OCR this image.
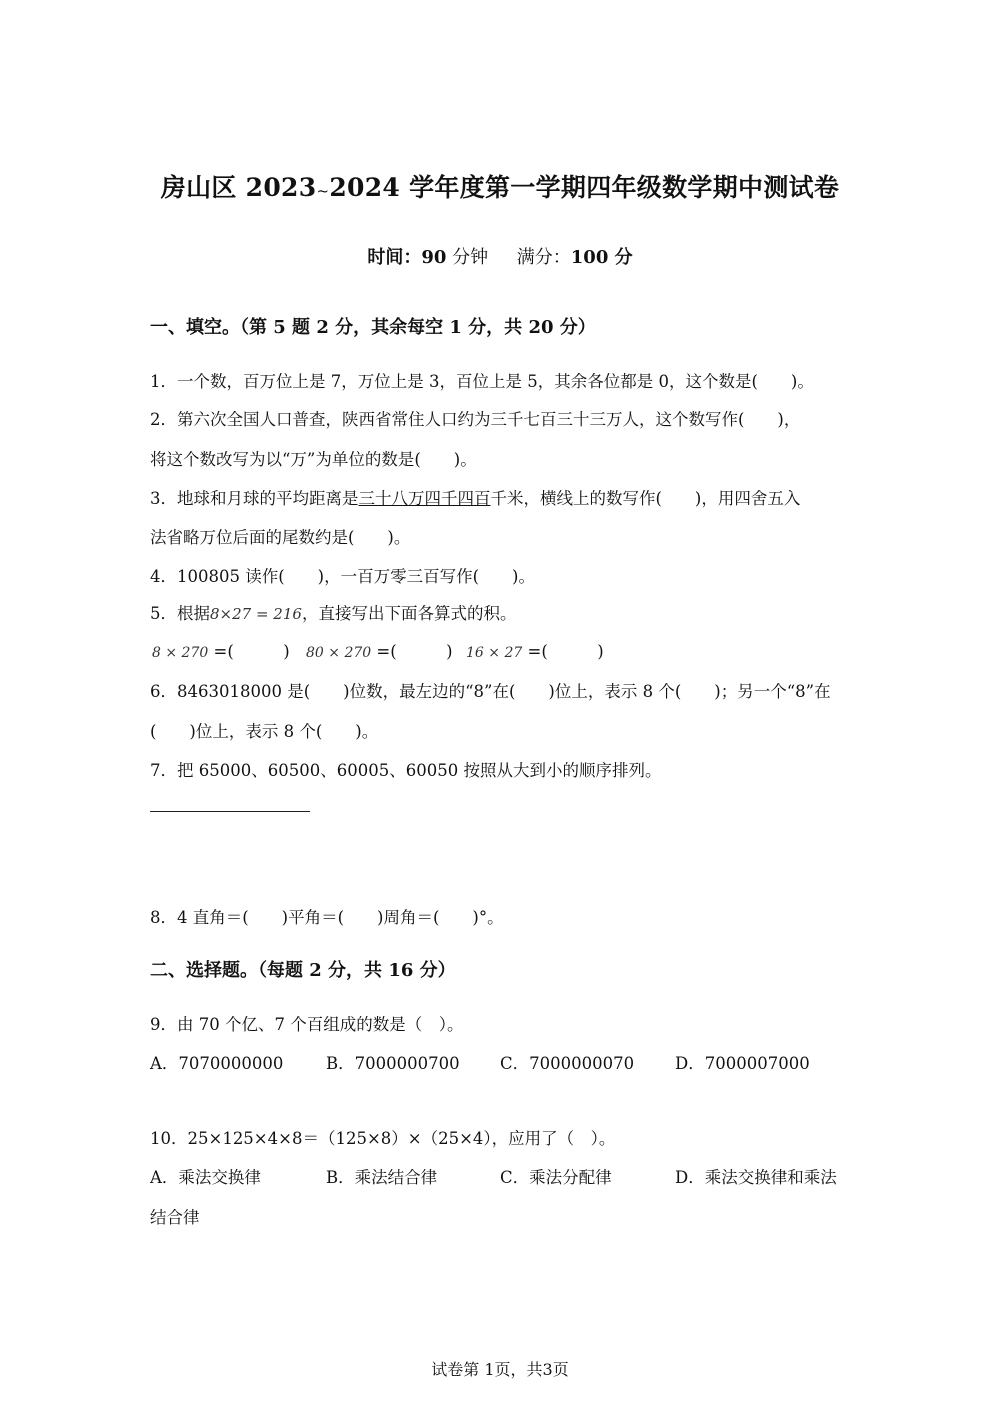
房山区 2023~2024 学年度第一学期四年级数学期中测试卷
时间：90 分钟 满分：100 分
一、填空。（第 5 题 2 分，其余每空 1 分，共 20 分）
1．一个数，百万位上是 7，万位上是 3，百位上是 5，其余各位都是 0，这个数是(　　)。
2．第六次全国人口普查，陕西省常住人口约为三千七百三十三万人，这个数写作(　　)，
将这个数改写为以“万”为单位的数是(　　)。
3．地球和月球的平均距离是三十八万四千四百千米，横线上的数写作(　　)，用四舍五入
法省略万位后面的尾数约是(　　)。
4．100805 读作(　　)，一百万零三百写作(　　)。
5．根据8×27 = 216，直接写出下面各算式的积。
8 × 270 =(　　　) 80 × 270 =(　　　) 16 × 27 =(　　　)
6．8463018000 是(　　)位数，最左边的“8”在(　　)位上，表示 8 个(　　)；另一个“8”在
(　　)位上，表示 8 个(　　)。
7．把 65000、60500、60005、60050 按照从大到小的顺序排列。
8．4 直角＝(　　)平角＝(　　)周角＝(　　)°。
二、选择题。（每题 2 分，共 16 分）
9．由 70 个亿、7 个百组成的数是（　）。
A．7070000000	B．7000000700 C．7000000070 D．7000007000
10．25×125×4×8＝（125×8）×（25×4），应用了（　）。
A．乘法交换律	B．乘法结合律	C．乘法分配律	D．乘法交换律和乘法
结合律
试卷第 1页，共3页
